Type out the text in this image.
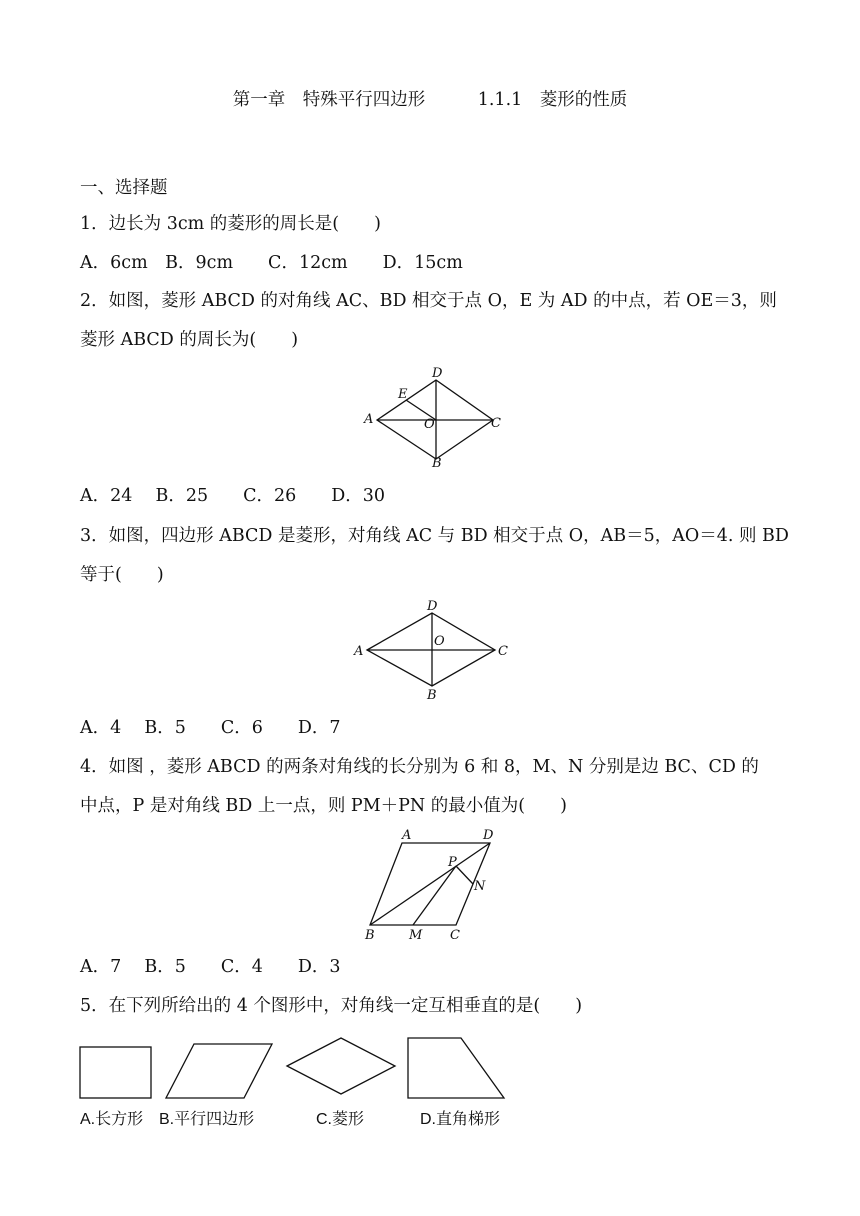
第一章　特殊平行四边形　　　1.1.1　菱形的性质
一、选择题
1．边长为 3cm 的菱形的周长是(　　)
A．6cm　B．9cm　　C．12cm　　D．15cm
2．如图，菱形 ABCD 的对角线 AC、BD 相交于点 O，E 为 AD 的中点，若 OE＝3，则
菱形 ABCD 的周长为(　　)
A
D
E
O	C
B
A．24　 B．25　　C．26　　D．30
3．如图，四边形 ABCD 是菱形，对角线 AC 与 BD 相交于点 O，AB＝5，AO＝4. 则 BD
等于(　　)
A
D
O
C
B
A．4　 B．5　　C．6　　D．7
4．如图 ，菱形 ABCD 的两条对角线的长分别为 6 和 8，M、N 分别是边 BC、CD 的
中点，P 是对角线 BD 上一点，则 PM＋PN 的最小值为(　　)
A	D
P
N
B	M C
A．7　 B．5　　C．4　　D．3
5．在下列所给出的 4 个图形中，对角线一定互相垂直的是(　　)
A.长方形 B.平行四边形	C.菱形	D.直角梯形
